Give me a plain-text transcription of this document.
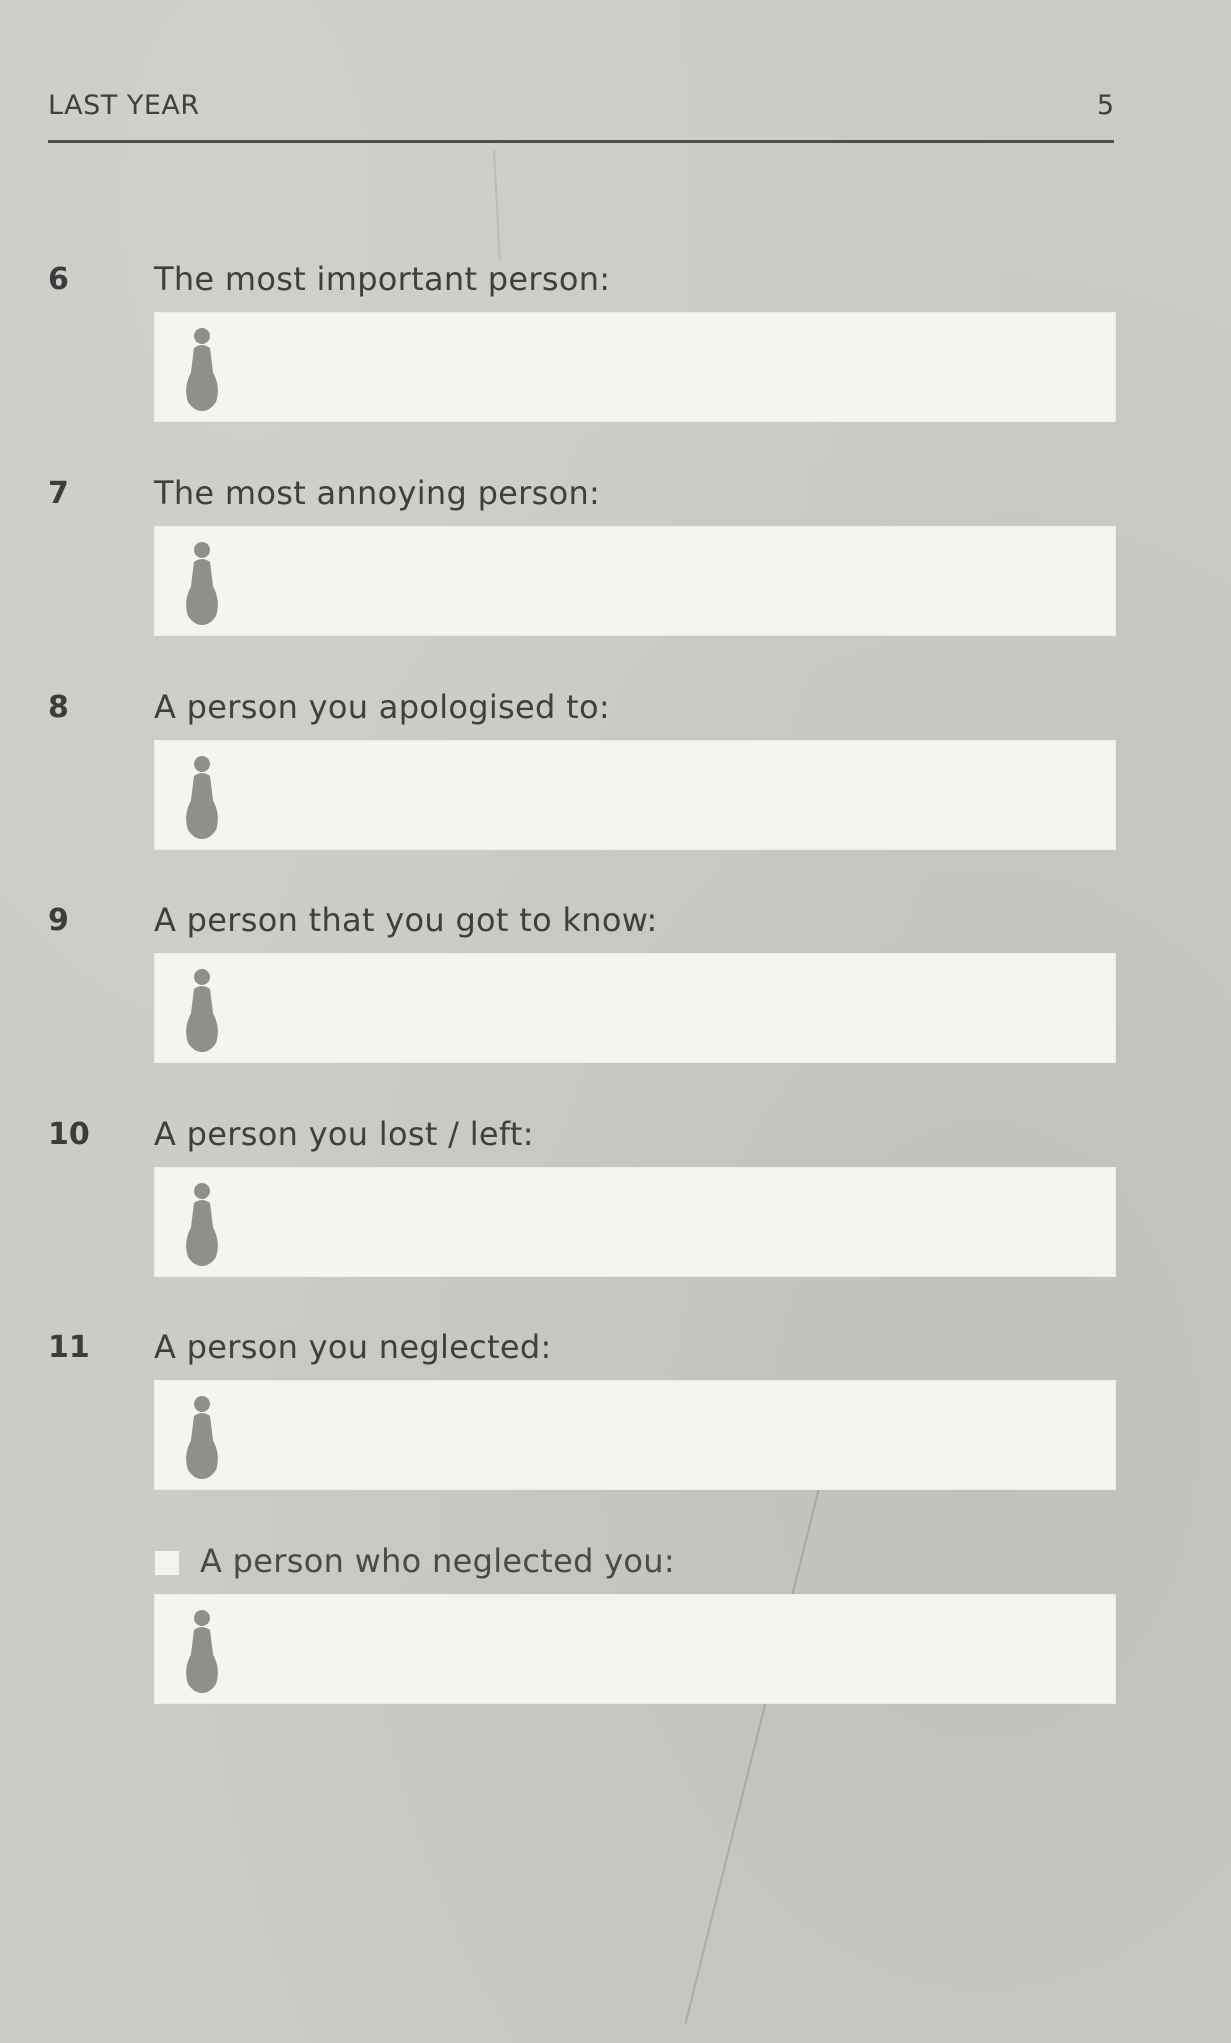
LAST YEAR	5
6	The most important person:
7	The most annoying person:
8	A person you apologised to:
9	A person that you got to know:
10 A person you lost / left:
11 A person you neglected:
A person who neglected you:
